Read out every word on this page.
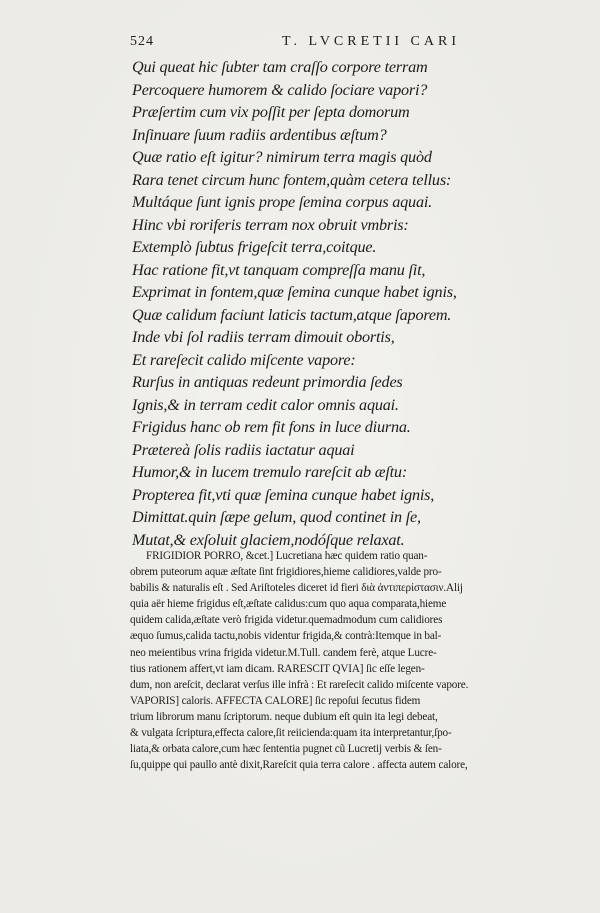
524	T. LVCRETII CARI
Qui queat hic ſubter tam craſſo corpore terram
Percoquere humorem & calido ſociare vapori?
Præſertim cum vix poſſit per ſepta domorum
Inſinuare ſuum radiis ardentibus æſtum?
Quæ ratio eſt igitur? nimirum terra magis quòd
Rara tenet circum hunc fontem,quàm cetera tellus:
Multáque ſunt ignis prope ſemina corpus aquai.
Hinc vbi roriferis terram nox obruit vmbris:
Extemplò ſubtus frigeſcit terra,coitque.
Hac ratione fit,vt tanquam compreſſa manu ſit,
Exprimat in fontem,quæ ſemina cunque habet ignis,
Quæ calidum faciunt laticis tactum,atque ſaporem.
Inde vbi ſol radiis terram dimouit obortis,
Et rareſecit calido miſcente vapore:
Rurſus in antiquas redeunt primordia ſedes
Ignis,& in terram cedit calor omnis aquai.
Frigidus hanc ob rem fit fons in luce diurna.
Prætereà ſolis radiis iactatur aquai
Humor,& in lucem tremulo rareſcit ab æſtu:
Propterea fit,vti quæ ſemina cunque habet ignis,
Dimittat.quin ſæpe gelum, quod continet in ſe,
Mutat,& exſoluit glaciem,nodóſque relaxat.
FRIGIDIOR PORRO, &cet.] Lucretiana hæc quidem ratio quan-
obrem puteorum aquæ æſtate ſint frigidiores,hieme calidiores,valde pro-
babilis & naturalis eſt . Sed Ariſtoteles diceret id fieri διὰ ἀντιπερίστασιν.Alij
quia aër hieme frigidus eſt,æſtate calidus:cum quo aqua comparata,hieme
quidem calida,æſtate verò frigida videtur.quemadmodum cum calidiores
æquo ſumus,calida tactu,nobis videntur frigida,& contrà:Itemque in bal-
neo meientibus vrina frigida videtur.M.Tull. candem ferè, atque Lucre-
tius rationem affert,vt iam dicam. RARESCIT QVIA] ſic eſſe legen-
dum, non areſcit, declarat verſus ille infrà : Et rareſecit calido miſcente vapore.
VAPORIS] caloris. AFFECTA CALORE] ſic repoſui ſecutus fidem
trium librorum manu ſcriptorum. neque dubium eſt quin ita legi debeat,
& vulgata ſcriptura,effecta calore,ſit reiicienda:quam ita interpretantur,ſpo-
liata,& orbata calore,cum hæc ſententia pugnet cũ Lucretij verbis & ſen-
ſu,quippe qui paullo antè dixit,Rareſcit quia terra calore . affecta autem calore,
